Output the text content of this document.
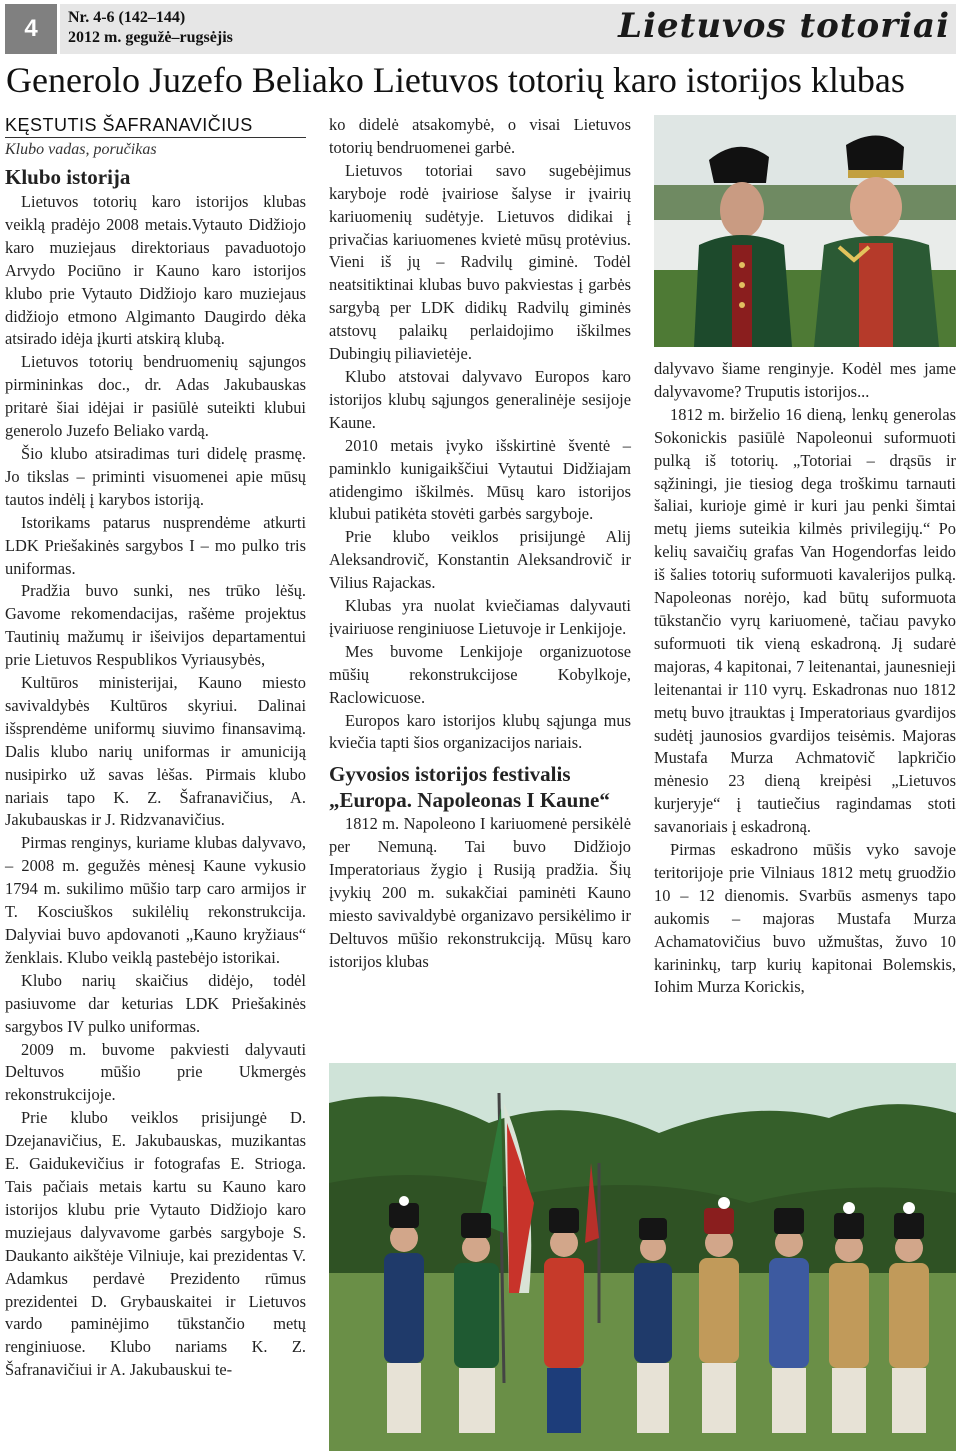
4	Nr. 4-6 (142–144)
2012 m. gegužė–rugsėjis	Lietuvos totoriai
Generolo Juzefo Beliako Lietuvos totorių karo istorijos klubas
KĘSTUTIS ŠAFRANAVIČIUS
Klubo vadas, poručikas
Klubo istorija

Lietuvos totorių karo istorijos klubas veiklą pradėjo 2008 metais.Vytauto Didžiojo karo muziejaus direktoriaus pavaduotojo Arvydo Pociūno ir Kauno karo istorijos klubo prie Vytauto Didžiojo karo muziejaus didžiojo etmono Algimanto Daugirdo dėka atsirado idėja įkurti atskirą klubą.

Lietuvos totorių bendruomenių sąjungos pirmininkas doc., dr. Adas Jakubauskas pritarė šiai idėjai ir pasiūlė suteikti klubui generolo Juzefo Beliako vardą.

Šio klubo atsiradimas turi didelę prasmę. Jo tikslas – priminti visuomenei apie mūsų tautos indėlį į karybos istoriją.

Istorikams patarus nusprendėme atkurti LDK Priešakinės sargybos I – mo pulko tris uniformas.

Pradžia buvo sunki, nes trūko lėšų. Gavome rekomendacijas, rašėme projektus Tautinių mažumų ir išeivijos departamentui prie Lietuvos Respublikos Vyriausybės,

Kultūros ministerijai, Kauno miesto savivaldybės Kultūros skyriui. Dalinai išsprendėme uniformų siuvimo finansavimą. Dalis klubo narių uniformas ir amuniciją nusipirko už savas lėšas. Pirmais klubo nariais tapo K. Z. Šafranavičius, A. Jakubauskas ir J. Ridzvanavičius.

Pirmas renginys, kuriame klubas dalyvavo, – 2008 m. gegužės mėnesį Kaune vykusio 1794 m. sukilimo mūšio tarp caro armijos ir T. Kosciuškos sukilėlių rekonstrukcija. Dalyviai buvo apdovanoti „Kauno kryžiaus“ ženklais. Klubo veiklą pastebėjo istorikai.

Klubo narių skaičius didėjo, todėl pasiuvome dar keturias LDK Priešakinės sargybos IV pulko uniformas.

2009 m. buvome pakviesti dalyvauti Deltuvos mūšio prie Ukmergės rekonstrukcijoje.

Prie klubo veiklos prisijungė D. Dzejanavičius, E. Jakubauskas, muzikantas E. Gaidukevičius ir fotografas E. Strioga. Tais pačiais metais kartu su Kauno karo istorijos klubu prie Vytauto Didžiojo karo muziejaus dalyvavome garbės sargyboje S. Daukanto aikštėje Vilniuje, kai prezidentas V. Adamkus perdavė Prezidento rūmus prezidentei D. Grybauskaitei ir Lietuvos vardo paminėjimo tūkstančio metų renginiuose. Klubo nariams K. Z. Šafranavičiui ir A. Jakubauskui te-

ko didelė atsakomybė, o visai Lietuvos totorių bendruomenei garbė.

Lietuvos totoriai savo sugebėjimus karyboje rodė įvairiose šalyse ir įvairių kariuomenių sudėtyje. Lietuvos didikai į privačias kariuomenes kvietė mūsų protėvius. Vieni iš jų – Radvilų giminė. Todėl neatsitiktinai klubas buvo pakviestas į garbės sargybą per LDK didikų Radvilų giminės atstovų palaikų perlaidojimo iškilmes Dubingių piliavietėje.

Klubo atstovai dalyvavo Europos karo istorijos klubų sąjungos generalinėje sesijoje Kaune.

2010 metais įvyko išskirtinė šventė – paminklo kunigaikščiui Vytautui Didžiajam atidengimo iškilmės. Mūsų karo istorijos klubui patikėta stovėti garbės sargyboje.

Prie klubo veiklos prisijungė Alij Aleksandrovič, Konstantin Aleksandrovič ir Vilius Rajackas.

Klubas yra nuolat kviečiamas dalyvauti įvairiuose renginiuose Lietuvoje ir Lenkijoje.

Mes buvome Lenkijoje organizuotose mūšių rekonstrukcijose Kobylkoje, Raclowicuose.

Europos karo istorijos klubų sąjunga mus kviečia tapti šios organizacijos nariais.

Gyvosios istorijos festivalis
„Europa. Napoleonas I Kaune“

1812 m. Napoleono I kariuomenė persikėlė per Nemuną. Tai buvo Didžiojo Imperatoriaus žygio į Rusiją pradžia. Šių įvykių 200 m. sukakčiai paminėti Kauno miesto savivaldybė organizavo persikėlimo ir Deltuvos mūšio rekonstrukciją. Mūsų karo istorijos klubas

dalyvavo šiame renginyje. Kodėl mes jame dalyvavome? Truputis istorijos...

1812 m. birželio 16 dieną, lenkų generolas Sokonickis pasiūlė Napoleonui suformuoti pulką iš totorių. „Totoriai – drąsūs ir sąžiningi, jie tiesiog dega troškimu tarnauti šaliai, kurioje gimė ir kuri jau penki šimtai metų jiems suteikia kilmės privilegijų.“ Po kelių savaičių grafas Van Hogendorfas leido iš šalies totorių suformuoti kavalerijos pulką. Napoleonas norėjo, kad būtų suformuota tūkstančio vyrų kariuomenė, tačiau pavyko suformuoti tik vieną eskadroną. Jį sudarė majoras, 4 kapitonai, 7 leitenantai, jaunesnieji leitenantai ir 110 vyrų. Eskadronas nuo 1812 metų buvo įtrauktas į Imperatoriaus gvardijos sudėtį jaunosios gvardijos teisėmis. Majoras Mustafa Murza Achmatovič lapkričio mėnesio 23 dieną kreipėsi „Lietuvos kurjeryje“ į tautiečius ragindamas stoti savanoriais į eskadroną.

Pirmas eskadrono mūšis vyko savoje teritorijoje prie Vilniaus 1812 metų gruodžio 10 – 12 dienomis. Svarbūs asmenys tapo aukomis – majoras Mustafa Murza Achamatovičius buvo užmuštas, žuvo 10 karininkų, tarp kurių kapitonai Bolemskis, Iohim Murza Korickis,
